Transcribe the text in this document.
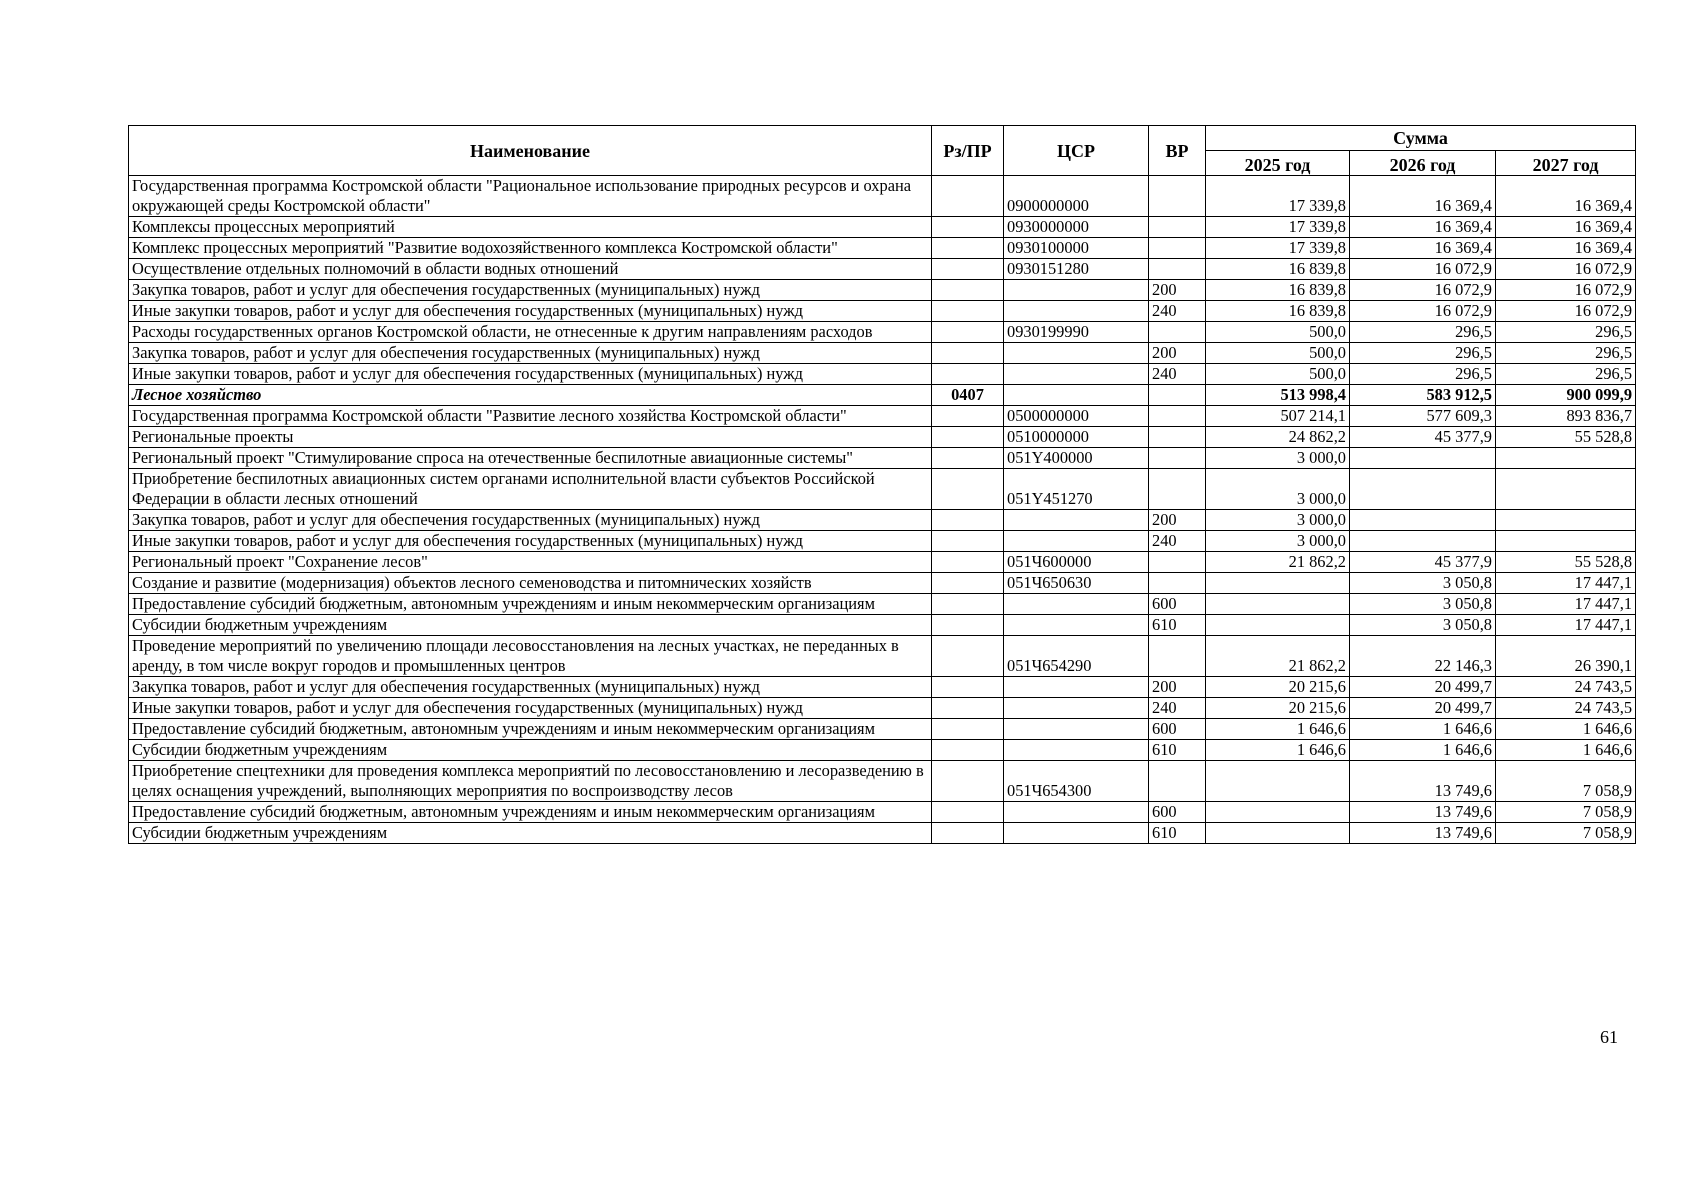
Наименование	Рз/ПР	ЦСР	ВР	Сумма		
				2025 год	2026 год	2027 год
Государственная программа Костромской области "Рациональное использование природных ресурсов и охрана окружающей среды Костромской области"		0900000000		17 339,8	16 369,4	16 369,4
Комплексы процессных мероприятий		0930000000		17 339,8	16 369,4	16 369,4
Комплекс процессных мероприятий "Развитие водохозяйственного комплекса Костромской области"		0930100000		17 339,8	16 369,4	16 369,4
Осуществление отдельных полномочий в области водных отношений		0930151280		16 839,8	16 072,9	16 072,9
Закупка товаров, работ и услуг для обеспечения государственных (муниципальных) нужд			200	16 839,8	16 072,9	16 072,9
Иные закупки товаров, работ и услуг для обеспечения государственных (муниципальных) нужд			240	16 839,8	16 072,9	16 072,9
Расходы государственных органов Костромской области, не отнесенные к другим направлениям расходов		0930199990		500,0	296,5	296,5
Закупка товаров, работ и услуг для обеспечения государственных (муниципальных) нужд			200	500,0	296,5	296,5
Иные закупки товаров, работ и услуг для обеспечения государственных (муниципальных) нужд			240	500,0	296,5	296,5
Лесное хозяйство	0407			513 998,4	583 912,5	900 099,9
Государственная программа Костромской области "Развитие лесного хозяйства Костромской области"		0500000000		507 214,1	577 609,3	893 836,7
Региональные проекты		0510000000		24 862,2	45 377,9	55 528,8
Региональный проект "Стимулирование спроса на отечественные беспилотные авиационные системы"		051Y400000		3 000,0		
Приобретение беспилотных авиационных систем органами исполнительной власти субъектов Российской Федерации в области лесных отношений		051Y451270		3 000,0		
Закупка товаров, работ и услуг для обеспечения государственных (муниципальных) нужд			200	3 000,0		
Иные закупки товаров, работ и услуг для обеспечения государственных (муниципальных) нужд			240	3 000,0		
Региональный проект "Сохранение лесов"		051Ч600000		21 862,2	45 377,9	55 528,8
Создание и развитие (модернизация) объектов лесного семеноводства и питомнических хозяйств		051Ч650630			3 050,8	17 447,1
Предоставление субсидий бюджетным, автономным учреждениям и иным некоммерческим организациям			600		3 050,8	17 447,1
Субсидии бюджетным учреждениям			610		3 050,8	17 447,1
Проведение мероприятий по увеличению площади лесовосстановления на лесных участках, не переданных в аренду, в том числе вокруг городов и промышленных центров		051Ч654290		21 862,2	22 146,3	26 390,1
Закупка товаров, работ и услуг для обеспечения государственных (муниципальных) нужд			200	20 215,6	20 499,7	24 743,5
Иные закупки товаров, работ и услуг для обеспечения государственных (муниципальных) нужд			240	20 215,6	20 499,7	24 743,5
Предоставление субсидий бюджетным, автономным учреждениям и иным некоммерческим организациям			600	1 646,6	1 646,6	1 646,6
Субсидии бюджетным учреждениям			610	1 646,6	1 646,6	1 646,6
Приобретение спецтехники для проведения комплекса мероприятий по лесовосстановлению и лесоразведению в целях оснащения учреждений, выполняющих мероприятия по воспроизводству лесов		051Ч654300			13 749,6	7 058,9
Предоставление субсидий бюджетным, автономным учреждениям и иным некоммерческим организациям			600		13 749,6	7 058,9
Субсидии бюджетным учреждениям			610		13 749,6	7 058,9
61
